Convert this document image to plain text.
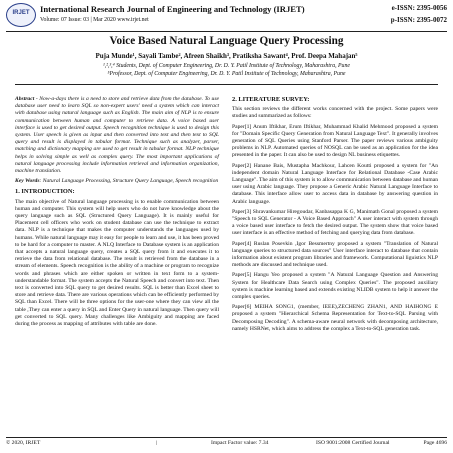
IRJET	International Research Journal of Engineering and Technology (IRJET)
Volume: 07 Issue: 03 | Mar 2020 www.irjet.net
e-ISSN: 2395-0056
p-ISSN: 2395-0072
Voice Based Natural Language Query Processing
Puja Munde¹, Sayali Tambe², Afreen Shaikh³, Pratiksha Sawant⁴, Prof. Deepa Mahajan⁵
¹,²,³,⁴ Students, Dept. of Computer Engineering, Dr. D. Y. Patil Institute of Technology, Maharashtra, Pune
⁵Professor, Dept. of Computer Engineering, Dr. D. Y. Patil Institute of Technology, Maharashtra, Pune

Abstract - Now-a-days there is a need to store and retrieve data from the database. To use database user need to learn SQL so non-expert users' need a system which can interact with database using natural language such as English. The main aim of NLP is to ensure communication between human and computer to retrieve data. A voice based user interface is used to get desired output. Speech recognition technique is used to design this system. User speech is given as input and then converted into text and then text to SQL query and result is displayed in tabular format. Technique such as analyzer, parser, matching and dictionary mapping are used to get result in tabular format. NLP technique helps in solving simple as well as complex query. The most important applications of natural language processing include information retrieval and information organization, machine translation.

Key Words: Natural Language Processing, Structure Query Language, Speech recognition

1. INTRODUCTION:

The main objective of Natural language processing is to enable communication between human and computer. This system will help users who do not have knowledge about the query language such as SQL (Structured Query Language). It is mainly useful for Placement cell officers who work on student database can use the technique to extract data. NLP is a technique that makes the computer understands the languages used by humans. While natural language may it easy for people to learn and use, it has been proved to be hard for a computer to master. A NLQ Interface to Database system is an application that accepts a natural language query, creates a SQL query from it and executes it to retrieve the data from relational database. The result is retrieved from the database in a stream of elements. Speech recognition is the ability of a machine or program to recognize words and phrases which are either spoken or written in text form to a system-understandable format. The system accepts the Natural Speech and convert into text. Then text is converted into SQL query to get desired results. SQL is better than Excel sheet to store and retrieve data. There are various operations which can be efficiently performed by SQL than Excel. There will be three options for the user-one where they can view all the table ,They can enter a query in SQL and Enter Query in natural language. Then query will get converted to SQL query. Many challenges like Ambiguity and mapping are faced during the process as mapping of attributes with table are done.

2. LITERATURE SURVEY:

This section reviews the different works concerned with the project. Some papers were studies and summarized as follows:

Paper[1] Anum Iftikhar, Erum Iftikhar, Muhammad Khalid Mehmood proposed a system for "Domain Specific Query Generation from Natural Language Text". It generally involves generation of SQL Queries using Stanford Parser. The paper reviews various ambiguity problems in NLP. Automated queries of NOSQL can be used as an application for the idea presented in the paper. It can also be used to design NL business etiquettes.

Paper[2] Hanane Bais, Mustapha Machkour, Lahcen Koutti proposed a system for "An independent domain Natural Language Interface for Relational Database -Case Arabic Language". The aim of this system is to allow communication between database and human user using Arabic language. They propose a Generic Arabic Natural Language Interface to database. This interface allow user to access data in database by answering question in Arabic language.

Paper[3] Shravankumar Hiregoudar, Kanbasappa K G, Manimath Gonal proposed a system "Speech to SQL Generator - A Voice Based Approach" A user interact with system through a voice based user interface to fetch the desired output. The system show that voice based user interface is an effective method of fetching and querying data from database.

Paper[4] Ruslan Posevkin ,Igor Bessmertny proposed a system "Translation of Natural language queries to structured data sources" User interface interact to database that contain information about existent program libraries and framework. Computational liguistics NLP methods are discussed and technique used.

Paper[5] Hangu Yeo proposed a system "A Natural Language Question and Answering System for Healthcare Data Search using Complex Queries". The proposed auxiliary system is machine learning based and extends existing NLIDB system to help it answer the complex queries.

Paper[6] MEIHA SONG1, (member, IEEE),ZECHENG ZHAN1, AND HAIHONG E proposed a system "Hierarchical Schema Representation for Text-to-SQL Parsing with Decomposing Decoding". A schema-aware neural network with decomposing architecture, namely HSRNet, which aims to address the complex a Text-to-SQL generation task.

© 2020, IRJET	|	Impact Factor value: 7.34	ISO 9001:2008 Certified Journal	Page 4696
